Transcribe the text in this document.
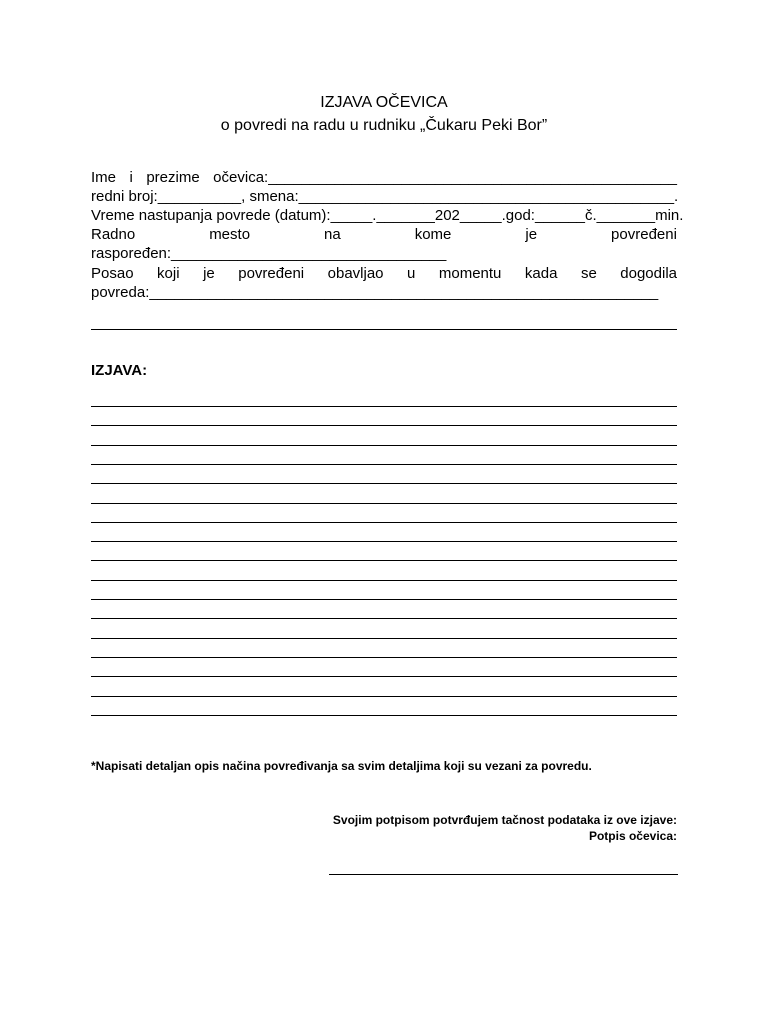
IZJAVA OČEVICA
o povredi na radu u rudniku „Čukaru Peki Bor”
Ime i prezime očevica:_________________________________________________
redni broj:__________, smena:_____________________________________________.
Vreme nastupanja povrede (datum):_____._______202_____.god:______č._______min.
Radno	mesto	na	kome	je	povređeni
raspoređen:_________________________________
Posao koji je povređeni obavljao u momentu kada se dogodila
povreda:_____________________________________________________________
IZJAVA:
*Napisati detaljan opis načina povređivanja sa svim detaljima koji su vezani za povredu.
Svojim potpisom potvrđujem tačnost podataka iz ove izjave:
Potpis očevica:
